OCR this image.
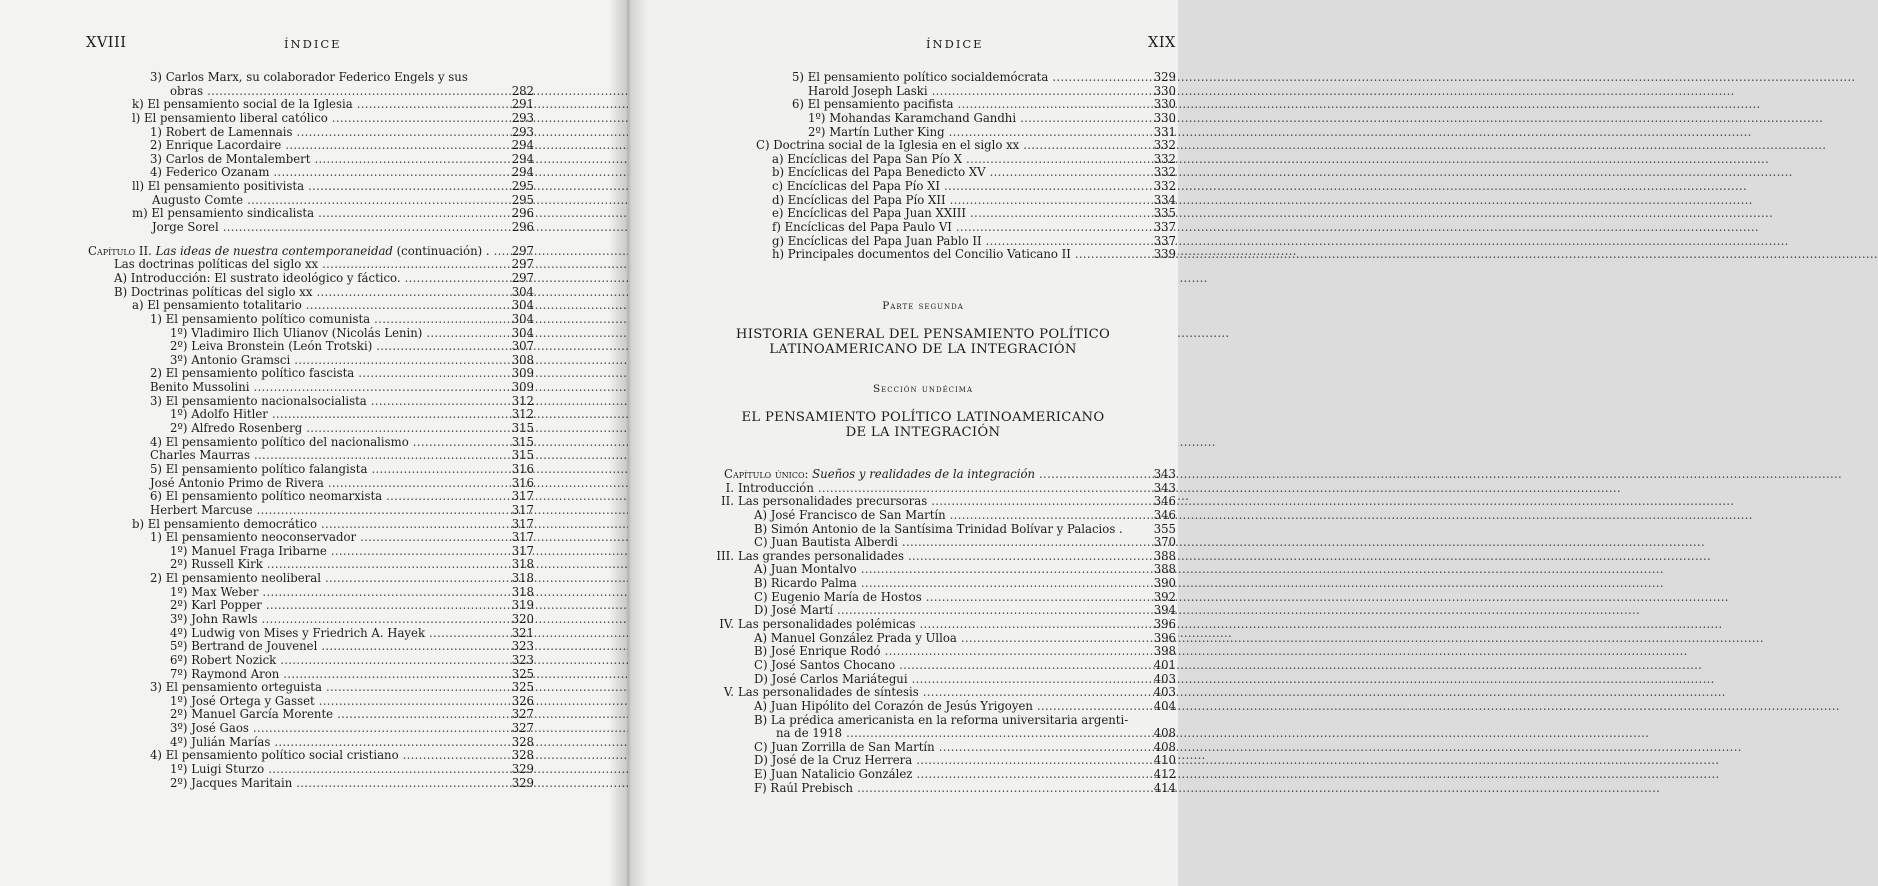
XVIII	ÍNDICE
3) Carlos Marx, su colaborador Federico Engels y sus
obras .....	282
k) El pensamiento social de la Iglesia .....	291
l) El pensamiento liberal católico .....	293
1) Robert de Lamennais .....	293
2) Enrique Lacordaire .....	294
3) Carlos de Montalembert .....	294
4) Federico Ozanam .....	294
ll) El pensamiento positivista .....	295
Augusto Comte .....	295
m) El pensamiento sindicalista .....	296
Jorge Sorel .....	296
Capítulo II. Las ideas de nuestra contemporaneidad (continuación) . .....	297
Las doctrinas políticas del siglo xx .....	297
A) Introducción: El sustrato ideológico y fáctico. .....	297
B) Doctrinas políticas del siglo xx .....	304
a) El pensamiento totalitario .....	304
1) El pensamiento político comunista .....	304
1º) Vladimiro Ilich Ulianov (Nicolás Lenin) .....	304
2º) Leiva Bronstein (León Trotski) .....	307
3º) Antonio Gramsci .....	308
2) El pensamiento político fascista .....	309
Benito Mussolini .....	309
3) El pensamiento nacionalsocialista .....	312
1º) Adolfo Hitler .....	312
2º) Alfredo Rosenberg .....	315
4) El pensamiento político del nacionalismo .....	315
Charles Maurras .....	315
5) El pensamiento político falangista .....	316
José Antonio Primo de Rivera .....	316
6) El pensamiento político neomarxista .....	317
Herbert Marcuse .....	317
b) El pensamiento democrático .....	317
1) El pensamiento neoconservador .....	317
1º) Manuel Fraga Iribarne .....	317
2º) Russell Kirk .....	318
2) El pensamiento neoliberal .....	318
1º) Max Weber .....	318
2º) Karl Popper .....	319
3º) John Rawls .....	320
4º) Ludwig von Mises y Friedrich A. Hayek .....	321
5º) Bertrand de Jouvenel .....	323
6º) Robert Nozick .....	323
7º) Raymond Aron .....	325
3) El pensamiento orteguista .....	325
1º) José Ortega y Gasset .....	326
2º) Manuel García Morente .....	327
3º) José Gaos .....	327
4º) Julián Marías .....	328
4) El pensamiento político social cristiano .....	328
1º) Luigi Sturzo .....	329
2º) Jacques Maritain .....	329
ÍNDICE	XIX
5) El pensamiento político socialdemócrata .....	329
Harold Joseph Laski .....	330
6) El pensamiento pacifista .....	330
1º) Mohandas Karamchand Gandhi .....	330
2º) Martín Luther King .....	331
C) Doctrina social de la Iglesia en el siglo xx .....	332
a) Encíclicas del Papa San Pío X .....	332
b) Encíclicas del Papa Benedicto XV .....	332
c) Encíclicas del Papa Pío XI .....	332
d) Encíclicas del Papa Pío XII .....	334
e) Encíclicas del Papa Juan XXIII .....	335
f) Encíclicas del Papa Paulo VI .....	337
g) Encíclicas del Papa Juan Pablo II .....	337
h) Principales documentos del Concilio Vaticano II .....	339
Parte segunda
HISTORIA GENERAL DEL PENSAMIENTO POLÍTICO
LATINOAMERICANO DE LA INTEGRACIÓN
Sección undécima
EL PENSAMIENTO POLÍTICO LATINOAMERICANO
DE LA INTEGRACIÓN
Capítulo único: Sueños y realidades de la integración .....	343
I. Introducción .....	343
II. Las personalidades precursoras .....	346
A) José Francisco de San Martín .....	346
B) Simón Antonio de la Santísima Trinidad Bolívar y Palacios .	355
C) Juan Bautista Alberdi .....	370
III. Las grandes personalidades .....	388
A) Juan Montalvo .....	388
B) Ricardo Palma .....	390
C) Eugenio María de Hostos .....	392
D) José Martí .....	394
IV. Las personalidades polémicas .....	396
A) Manuel González Prada y Ulloa .....	396
B) José Enrique Rodó .....	398
C) José Santos Chocano .....	401
D) José Carlos Mariátegui .....	403
V. Las personalidades de síntesis .....	403
A) Juan Hipólito del Corazón de Jesús Yrigoyen .....	404
B) La prédica americanista en la reforma universitaria argenti-
na de 1918 .....	408
C) Juan Zorrilla de San Martín .....	408
D) José de la Cruz Herrera .....	410
E) Juan Natalicio González .....	412
F) Raúl Prebisch .....	414
